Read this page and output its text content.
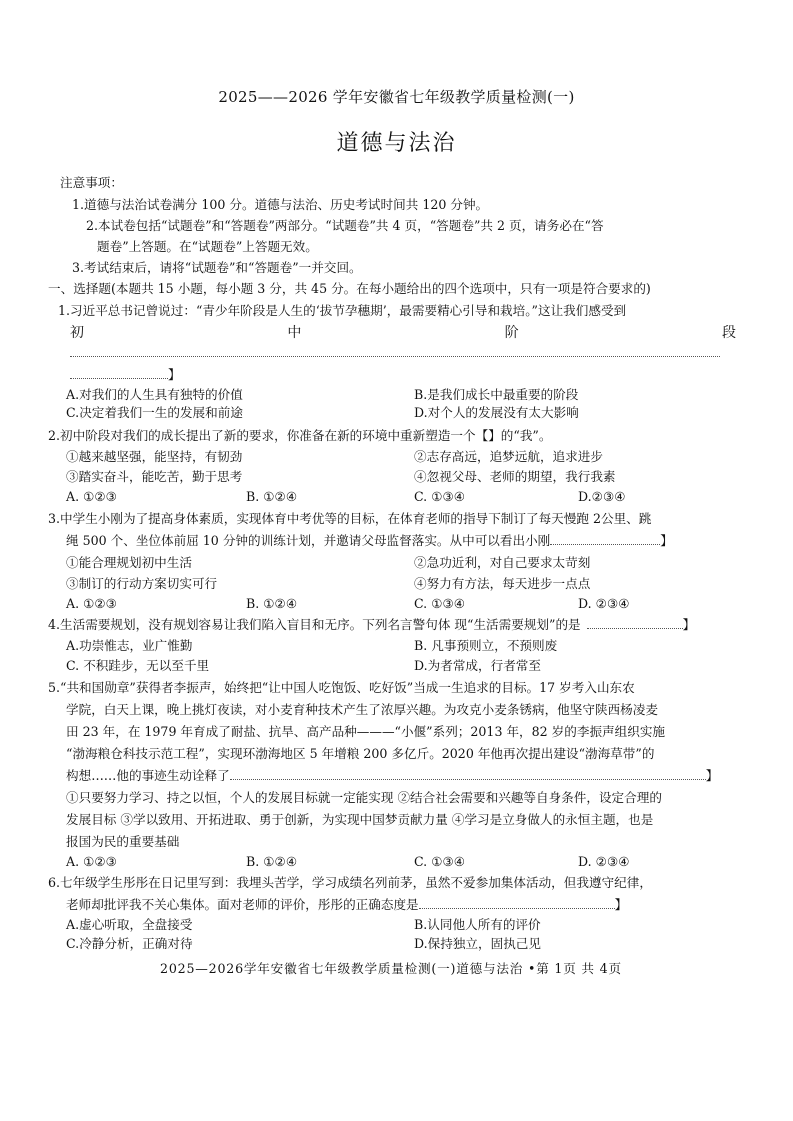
2025——2026 学年安徽省七年级教学质量检测(一)
道德与法治
注意事项：
1.道德与法治试卷满分 100 分。道德与法治、历史考试时间共 120 分钟。
2.本试卷包括“试题卷”和“答题卷”两部分。“试题卷”共 4 页，“答题卷”共 2 页，请务必在“答
题卷”上答题。在“试题卷”上答题无效。
3.考试结束后，请将“试题卷”和“答题卷”一并交回。
一、选择题(本题共 15 小题，每小题 3 分，共 45 分。在每小题给出的四个选项中，只有一项是符合要求的)
1.习近平总书记曾说过：“青少年阶段是人生的‘拔节孕穗期’，最需要精心引导和栽培。”这让我们感受到
初	中	阶	段
】
A.对我们的人生具有独特的价值	B.是我们成长中最重要的阶段
C.决定着我们一生的发展和前途	D.对个人的发展没有太大影响
2.初中阶段对我们的成长提出了新的要求，你准备在新的环境中重新塑造一个【】的“我”。
①越来越坚强，能坚持，有韧劲	②志存高远，追梦远航，追求进步
③踏实奋斗，能吃苦，勤于思考	④忽视父母、老师的期望，我行我素
A. ①②③	B. ①②④	C. ①③④	D.②③④
3.中学生小刚为了提高身体素质，实现体育中考优等的目标，在体育老师的指导下制订了每天慢跑 2公里、跳
绳 500 个、坐位体前屈 10 分钟的训练计划，并邀请父母监督落实。从中可以看出小刚	】
①能合理规划初中生活	②急功近利，对自己要求太苛刻
③制订的行动方案切实可行	④努力有方法，每天进步一点点
A. ①②③	B. ①②④	C. ①③④	D. ②③④
4.生活需要规划，没有规划容易让我们陷入盲目和无序。下列名言警句体 现“生活需要规划”的是	】
A.功崇惟志，业广惟勤	B. 凡事预则立，不预则废
C. 不积跬步，无以至千里	D.为者常成，行者常至
5.“共和国勋章”获得者李振声，始终把“让中国人吃饱饭、吃好饭”当成一生追求的目标。17 岁考入山东农
学院，白天上课，晚上挑灯夜读，对小麦育种技术产生了浓厚兴趣。为攻克小麦条锈病，他坚守陕西杨凌麦
田 23 年，在 1979 年育成了耐盐、抗旱、高产品种———“小偃”系列；2013 年，82 岁的李振声组织实施
“渤海粮仓科技示范工程”，实现环渤海地区 5 年增粮 200 多亿斤。2020 年他再次提出建设“渤海草带”的
构想……他的事迹生动诠释了	】
①只要努力学习、持之以恒，个人的发展目标就一定能实现 ②结合社会需要和兴趣等自身条件，设定合理的
发展目标 ③学以致用、开拓进取、勇于创新，为实现中国梦贡献力量 ④学习是立身做人的永恒主题，也是
报国为民的重要基础
A. ①②③	B. ①②④	C. ①③④	D. ②③④
6.七年级学生彤彤在日记里写到：我埋头苦学，学习成绩名列前茅，虽然不爱参加集体活动，但我遵守纪律，
老师却批评我不关心集体。面对老师的评价，彤彤的正确态度是	】
A.虚心听取，全盘接受	B.认同他人所有的评价
C.冷静分析，正确对待	D.保持独立，固执己见
2025—2026学年安徽省七年级教学质量检测(一)道德与法治 •第 1页 共 4页
